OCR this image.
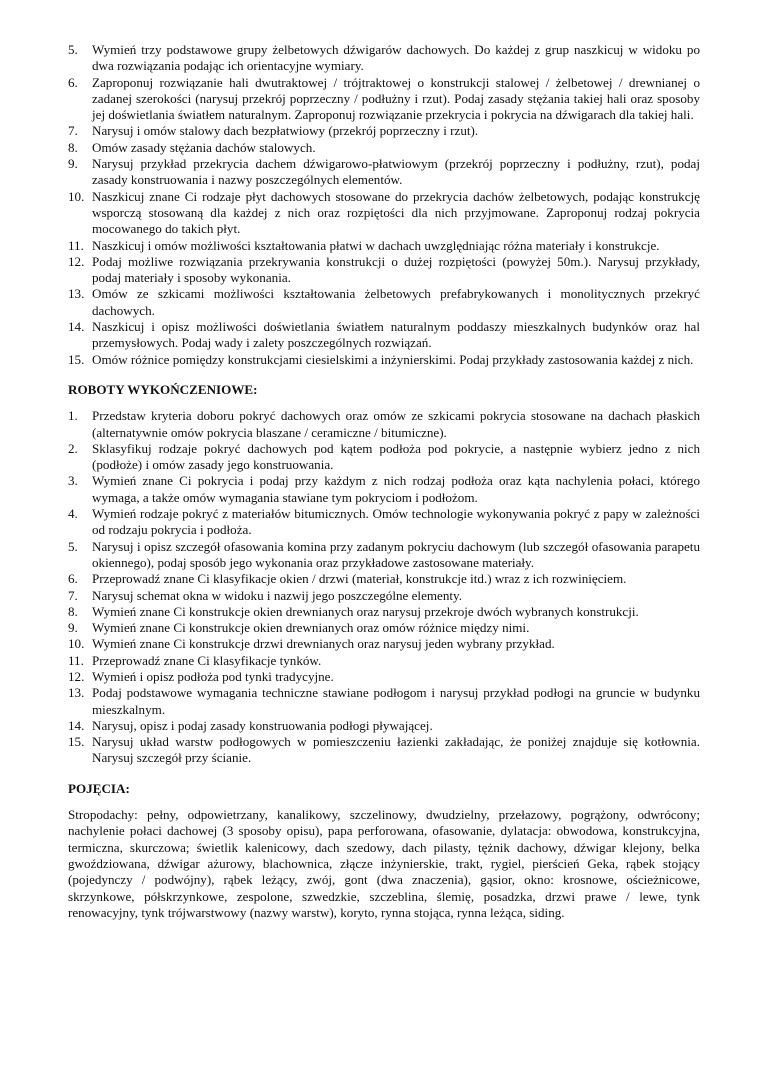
5.	Wymień trzy podstawowe grupy żelbetowych dźwigarów dachowych. Do każdej z grup naszkicuj w widoku po dwa rozwiązania podając ich orientacyjne wymiary.
6.	Zaproponuj rozwiązanie hali dwutraktowej / trójtraktowej o konstrukcji stalowej / żelbetowej / drewnianej o zadanej szerokości (narysuj przekrój poprzeczny / podłużny i rzut). Podaj zasady stężania takiej hali oraz sposoby jej doświetlania światłem naturalnym. Zaproponuj rozwiązanie przekrycia i pokrycia na dźwigarach dla takiej hali.
7.	Narysuj i omów stalowy dach bezpłatwiowy (przekrój poprzeczny i rzut).
8.	Omów zasady stężania dachów stalowych.
9.	Narysuj przykład przekrycia dachem dźwigarowo-płatwiowym (przekrój poprzeczny i podłużny, rzut), podaj zasady konstruowania i nazwy poszczególnych elementów.
10. Naszkicuj znane Ci rodzaje płyt dachowych stosowane do przekrycia dachów żelbetowych, podając konstrukcję wsporczą stosowaną dla każdej z nich oraz rozpiętości dla nich przyjmowane. Zaproponuj rodzaj pokrycia mocowanego do takich płyt.
11. Naszkicuj i omów możliwości kształtowania płatwi w dachach uwzględniając różna materiały i konstrukcje.
12. Podaj możliwe rozwiązania przekrywania konstrukcji o dużej rozpiętości (powyżej 50m.). Narysuj przykłady, podaj materiały i sposoby wykonania.
13. Omów ze szkicami możliwości kształtowania żelbetowych prefabrykowanych i monolitycznych przekryć dachowych.
14. Naszkicuj i opisz możliwości doświetlania światłem naturalnym poddaszy mieszkalnych budynków oraz hal przemysłowych. Podaj wady i zalety poszczególnych rozwiązań.
15. Omów różnice pomiędzy konstrukcjami ciesielskimi a inżynierskimi. Podaj przykłady zastosowania każdej z nich.
ROBOTY WYKOŃCZENIOWE:
1.	Przedstaw kryteria doboru pokryć dachowych oraz omów ze szkicami pokrycia stosowane na dachach płaskich (alternatywnie omów pokrycia blaszane / ceramiczne / bitumiczne).
2.	Sklasyfikuj rodzaje pokryć dachowych pod kątem podłoża pod pokrycie, a następnie wybierz jedno z nich (podłoże) i omów zasady jego konstruowania.
3.	Wymień znane Ci pokrycia i podaj przy każdym z nich rodzaj podłoża oraz kąta nachylenia połaci, którego wymaga, a także omów wymagania stawiane tym pokryciom i podłożom.
4.	Wymień rodzaje pokryć z materiałów bitumicznych. Omów technologie wykonywania pokryć z papy w zależności od rodzaju pokrycia i podłoża.
5.	Narysuj i opisz szczegół ofasowania komina przy zadanym pokryciu dachowym (lub szczegół ofasowania parapetu okiennego), podaj sposób jego wykonania oraz przykładowe zastosowane materiały.
6.	Przeprowadź znane Ci klasyfikacje okien / drzwi (materiał, konstrukcje itd.) wraz z ich rozwinięciem.
7.	Narysuj schemat okna w widoku i nazwij jego poszczególne elementy.
8.	Wymień znane Ci konstrukcje okien drewnianych oraz narysuj przekroje dwóch wybranych konstrukcji.
9.	Wymień znane Ci konstrukcje okien drewnianych oraz omów różnice między nimi.
10. Wymień znane Ci konstrukcje drzwi drewnianych oraz narysuj jeden wybrany przykład.
11. Przeprowadź znane Ci klasyfikacje tynków.
12. Wymień i opisz podłoża pod tynki tradycyjne.
13. Podaj podstawowe wymagania techniczne stawiane podłogom i narysuj przykład podłogi na gruncie w budynku mieszkalnym.
14. Narysuj, opisz i podaj zasady konstruowania podłogi pływającej.
15. Narysuj układ warstw podłogowych w pomieszczeniu łazienki zakładając, że poniżej znajduje się kotłownia. Narysuj szczegół przy ścianie.
POJĘCIA:

Stropodachy: pełny, odpowietrzany, kanalikowy, szczelinowy, dwudzielny, przełazowy, pogrążony, odwrócony; nachylenie połaci dachowej (3 sposoby opisu), papa perforowana, ofasowanie, dylatacja: obwodowa, konstrukcyjna, termiczna, skurczowa; świetlik kalenicowy, dach szedowy, dach pilasty, tężnik dachowy, dźwigar klejony, belka gwoździowana, dźwigar ażurowy, blachownica, złącze inżynierskie, trakt, rygiel, pierścień Geka, rąbek stojący (pojedynczy / podwójny), rąbek leżący, zwój, gont (dwa znaczenia), gąsior, okno: krosnowe, ościeżnicowe, skrzynkowe, półskrzynkowe, zespolone, szwedzkie, szczeblina, ślemię, posadzka, drzwi prawe / lewe, tynk renowacyjny, tynk trójwarstwowy (nazwy warstw), koryto, rynna stojąca, rynna leżąca, siding.
